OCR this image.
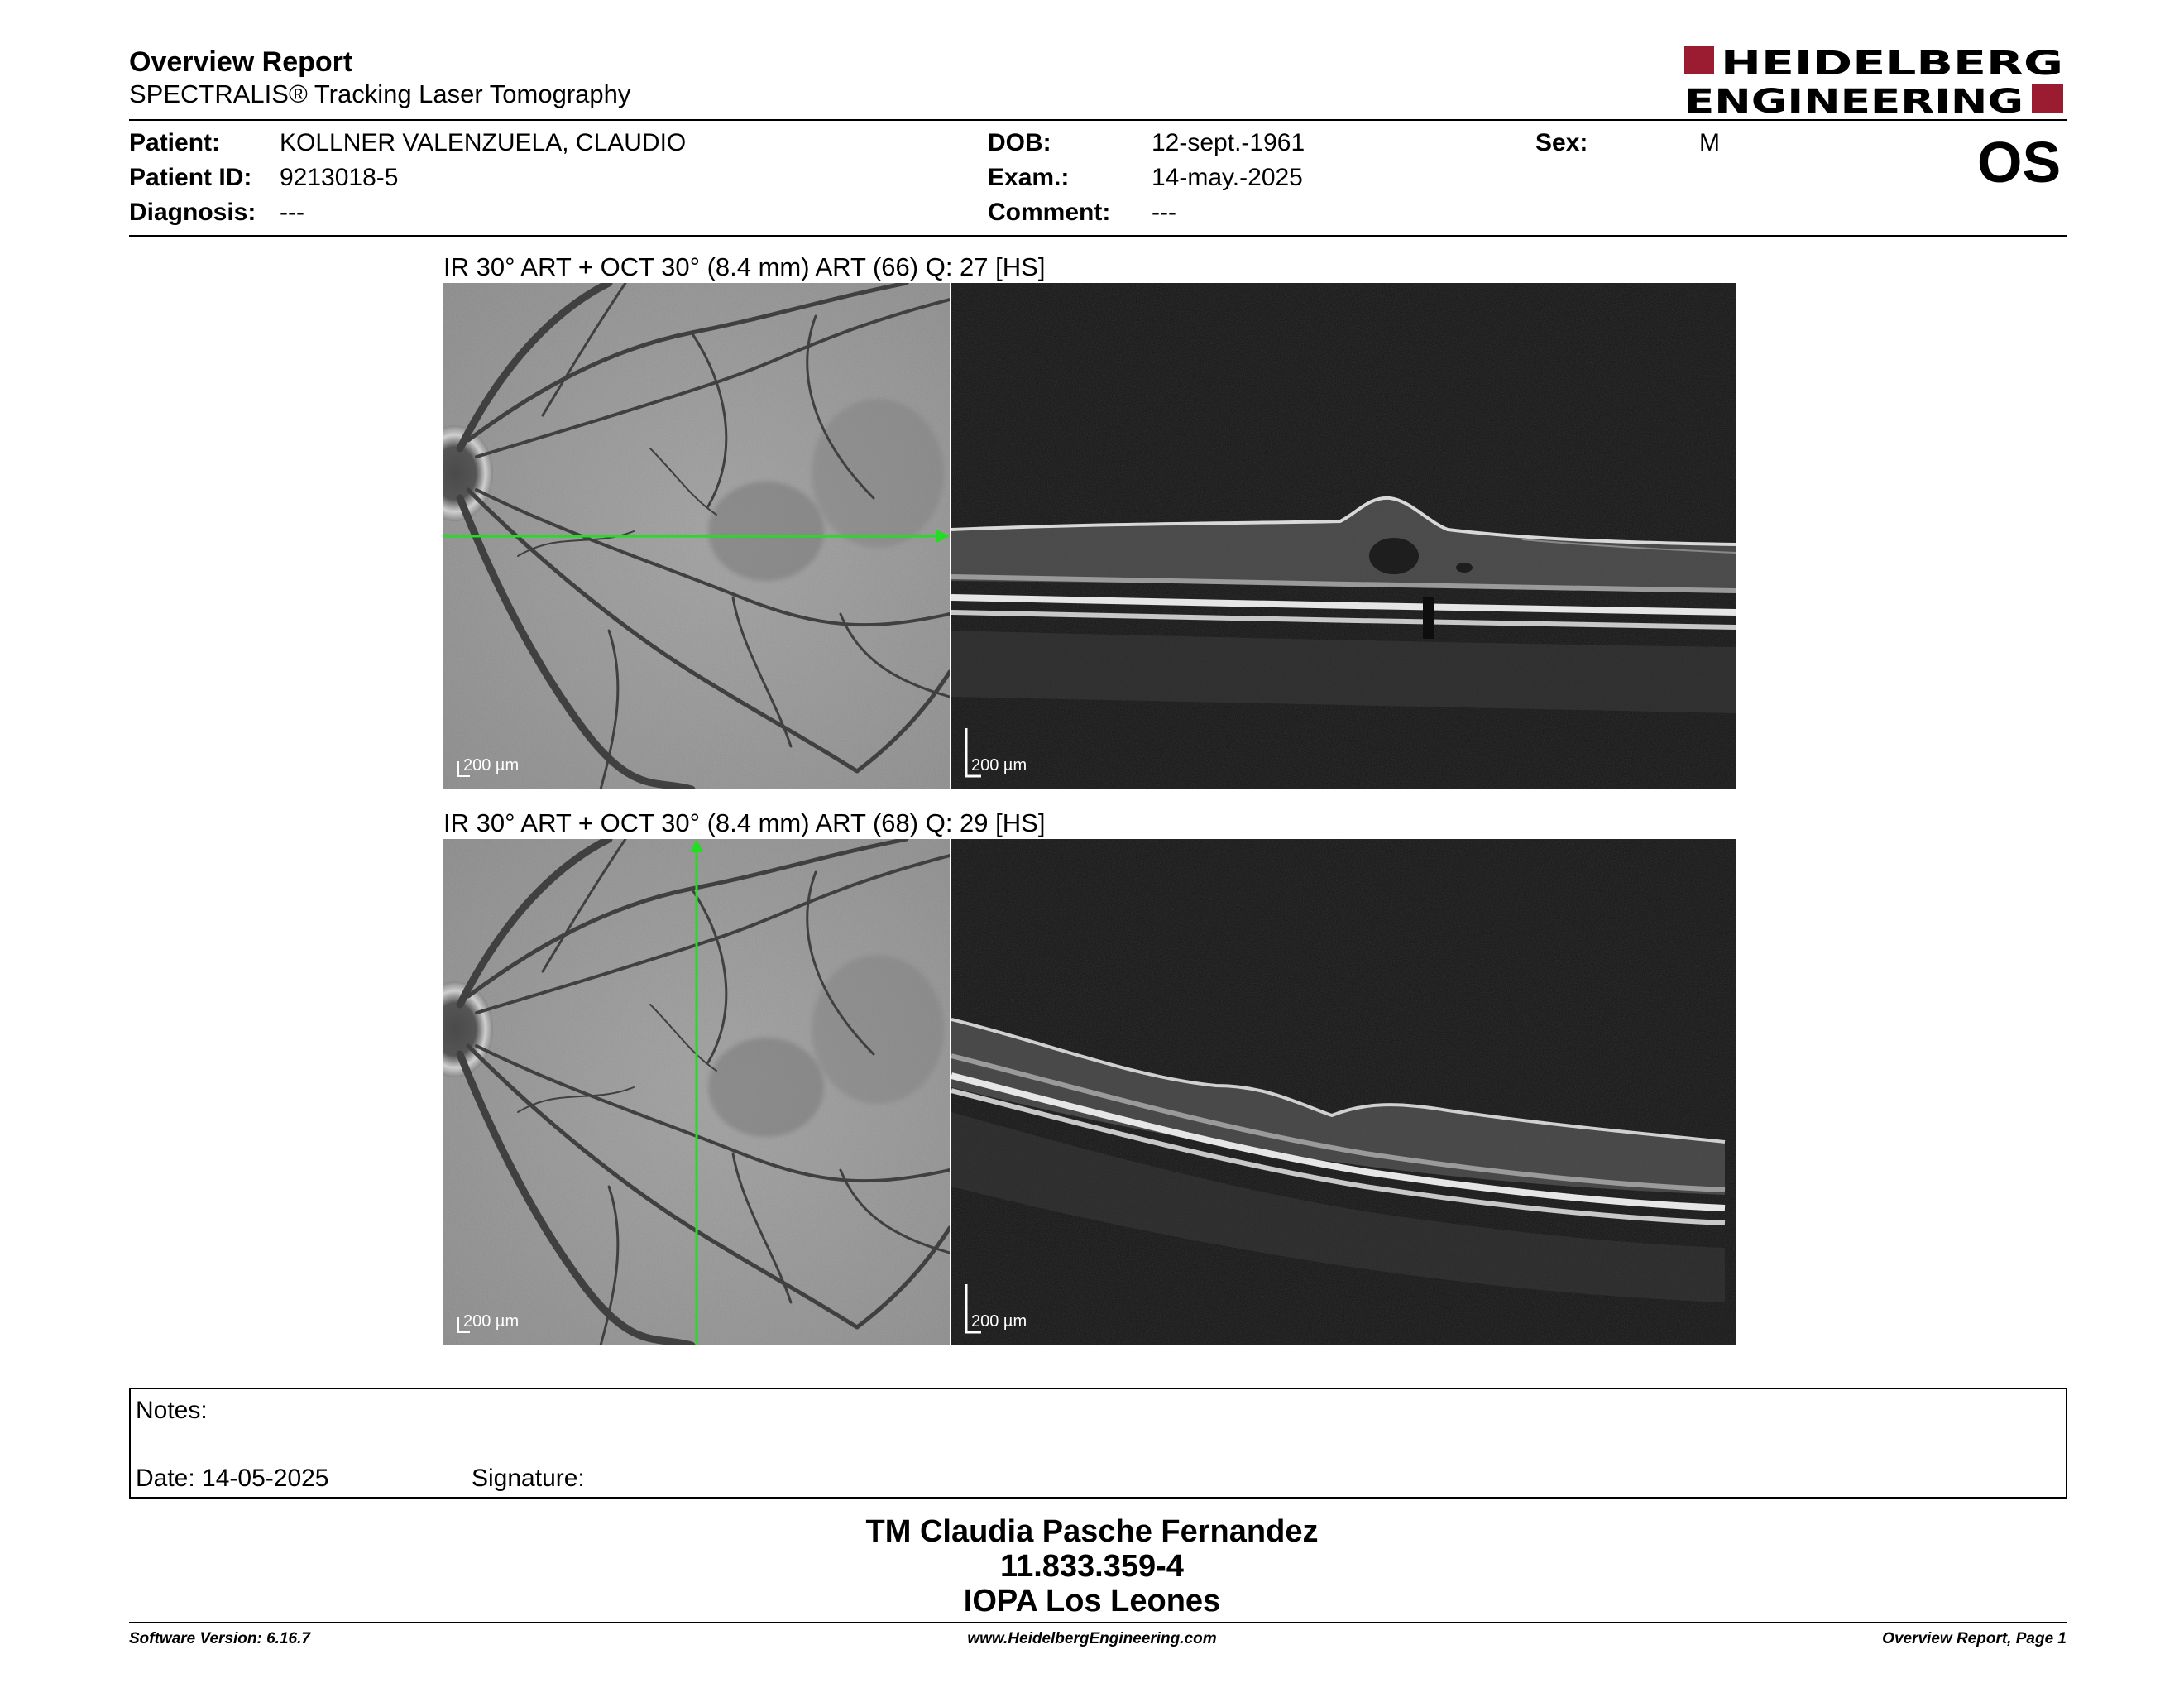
Overview Report
SPECTRALIS® Tracking Laser Tomography
HEIDELBERG
ENGINEERING
Patient: KOLLNER VALENZUELA, CLAUDIO
Patient ID: 9213018-5
Diagnosis: ---
DOB:	12-sept.-1961
Exam.:	14-may.-2025
Comment: ---
Sex:	M	OS
IR 30° ART + OCT 30° (8.4 mm) ART (66) Q: 27 [HS]
200 µm	200 µm
IR 30° ART + OCT 30° (8.4 mm) ART (68) Q: 29 [HS]
200 µm	200 µm
Notes:
Date: 14-05-2025	Signature:
TM Claudia Pasche Fernandez
11.833.359-4
IOPA Los Leones
Software Version: 6.16.7	www.HeidelbergEngineering.com	Overview Report, Page 1
